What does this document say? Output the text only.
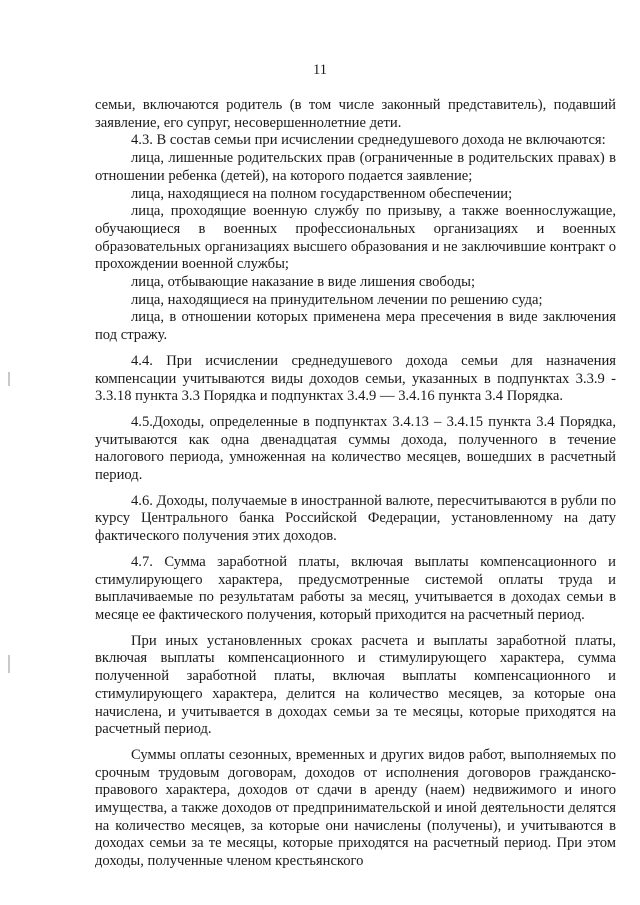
11

семьи, включаются родитель (в том числе законный представитель), подавший заявление, его супруг, несовершеннолетние дети.

4.3. В состав семьи при исчислении среднедушевого дохода не включаются:

лица, лишенные родительских прав (ограниченные в родительских правах) в отношении ребенка (детей), на которого подается заявление;

лица, находящиеся на полном государственном обеспечении;

лица, проходящие военную службу по призыву, а также военнослужащие, обучающиеся в военных профессиональных организациях и военных образовательных организациях высшего образования и не заключившие контракт о прохождении военной службы;

лица, отбывающие наказание в виде лишения свободы;

лица, находящиеся на принудительном лечении по решению суда;

лица, в отношении которых применена мера пресечения в виде заключения под стражу.

4.4. При исчислении среднедушевого дохода семьи для назначения компенсации учитываются виды доходов семьи, указанных в подпунктах 3.3.9 - 3.3.18 пункта 3.3 Порядка и подпунктах 3.4.9 — 3.4.16 пункта 3.4 Порядка.

4.5.Доходы, определенные в подпунктах 3.4.13 – 3.4.15 пункта 3.4 Порядка, учитываются как одна двенадцатая суммы дохода, полученного в течение налогового периода, умноженная на количество месяцев, вошедших в расчетный период.

4.6. Доходы, получаемые в иностранной валюте, пересчитываются в рубли по курсу Центрального банка Российской Федерации, установленному на дату фактического получения этих доходов.

4.7. Сумма заработной платы, включая выплаты компенсационного и стимулирующего характера, предусмотренные системой оплаты труда и выплачиваемые по результатам работы за месяц, учитывается в доходах семьи в месяце ее фактического получения, который приходится на расчетный период.

При иных установленных сроках расчета и выплаты заработной платы, включая выплаты компенсационного и стимулирующего характера, сумма полученной заработной платы, включая выплаты компенсационного и стимулирующего характера, делится на количество месяцев, за которые она начислена, и учитывается в доходах семьи за те месяцы, которые приходятся на расчетный период.

Суммы оплаты сезонных, временных и других видов работ, выполняемых по срочным трудовым договорам, доходов от исполнения договоров гражданско-правового характера, доходов от сдачи в аренду (наем) недвижимого и иного имущества, а также доходов от предпринимательской и иной деятельности делятся на количество месяцев, за которые они начислены (получены), и учитываются в доходах семьи за те месяцы, которые приходятся на расчетный период. При этом доходы, полученные членом крестьянского
